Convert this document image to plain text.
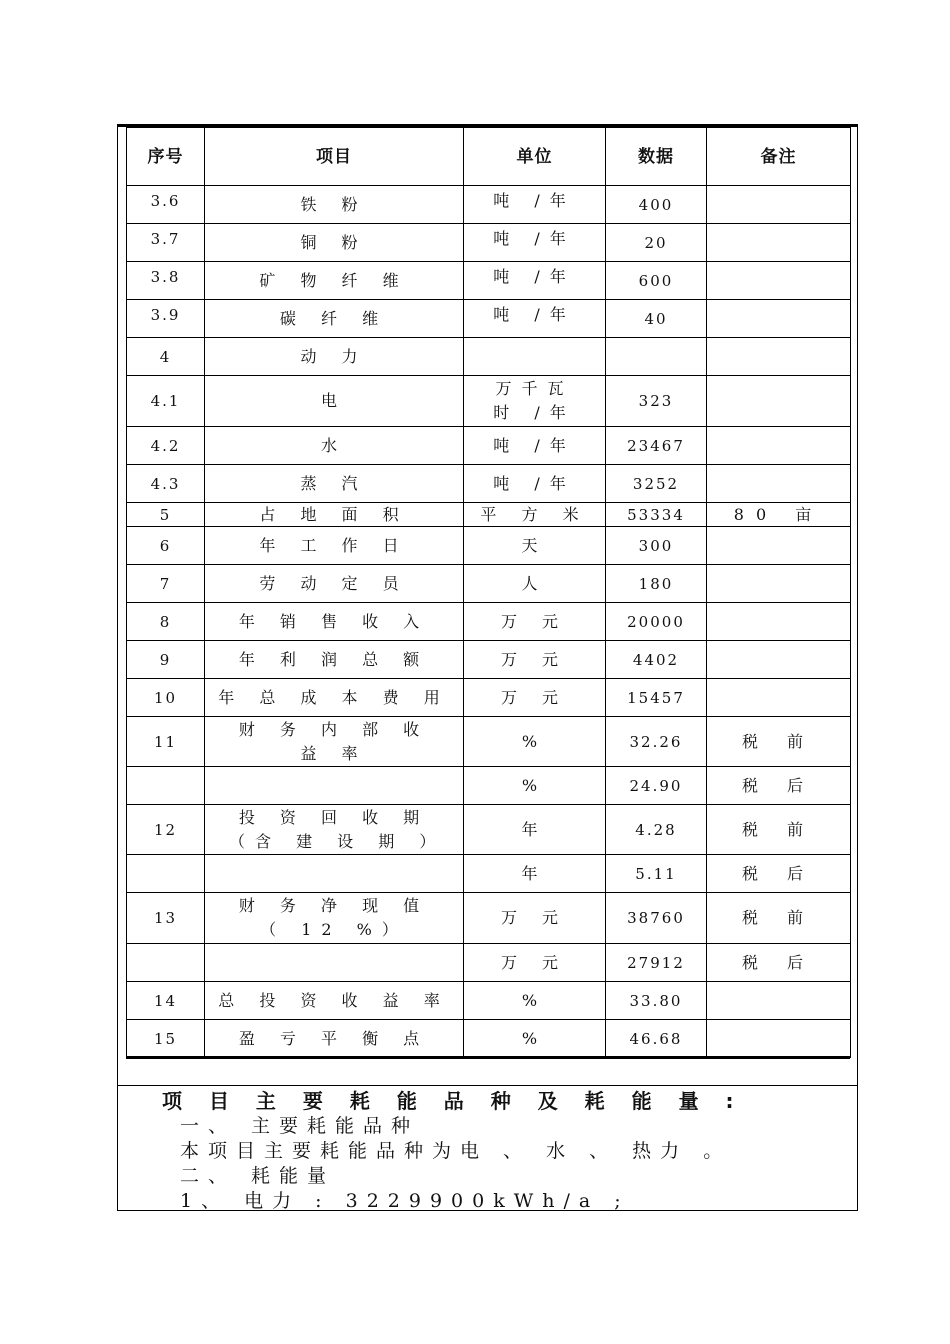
序号	项目	单位	数据	备注
3.6	铁 粉	吨 /年	400	
3.7	铜 粉	吨 /年	20	
3.8	矿 物 纤 维	吨 /年	600	
3.9	碳 纤 维	吨 /年	40	
4	动 力			
4.1	电	万千瓦时 /年	323	
4.2	水	吨 /年	23467	
4.3	蒸 汽	吨 /年	3252	
5	占 地 面 积	平 方 米	53334	80 亩
6	年 工 作 日	天	300	
7	劳 动 定 员	人	180	
8	年 销 售 收 入	万 元	20000	
9	年 利 润 总 额	万 元	4402	
10	年 总 成 本 费 用	万 元	15457	
11	财 务 内 部 收 益 率	%	32.26	税 前
		%	24.90	税 后
12	投 资 回 收 期 （含 建 设 期 ）	年	4.28	税 前
		年	5.11	税 后
13	财 务 净 现 值 （ 12 %）	万 元	38760	税 前
		万 元	27912	税 后
14	总 投 资 收 益 率	%	33.80	
15	盈 亏 平 衡 点	%	46.68	
项 目 主 要 耗 能 品 种 及 耗 能 量 :
一、 主要耗能品种
本项目主要耗能品种为电 、 水 、 热力 。
二、 耗能量
1、 电力 : 3229900kWh/a ;
